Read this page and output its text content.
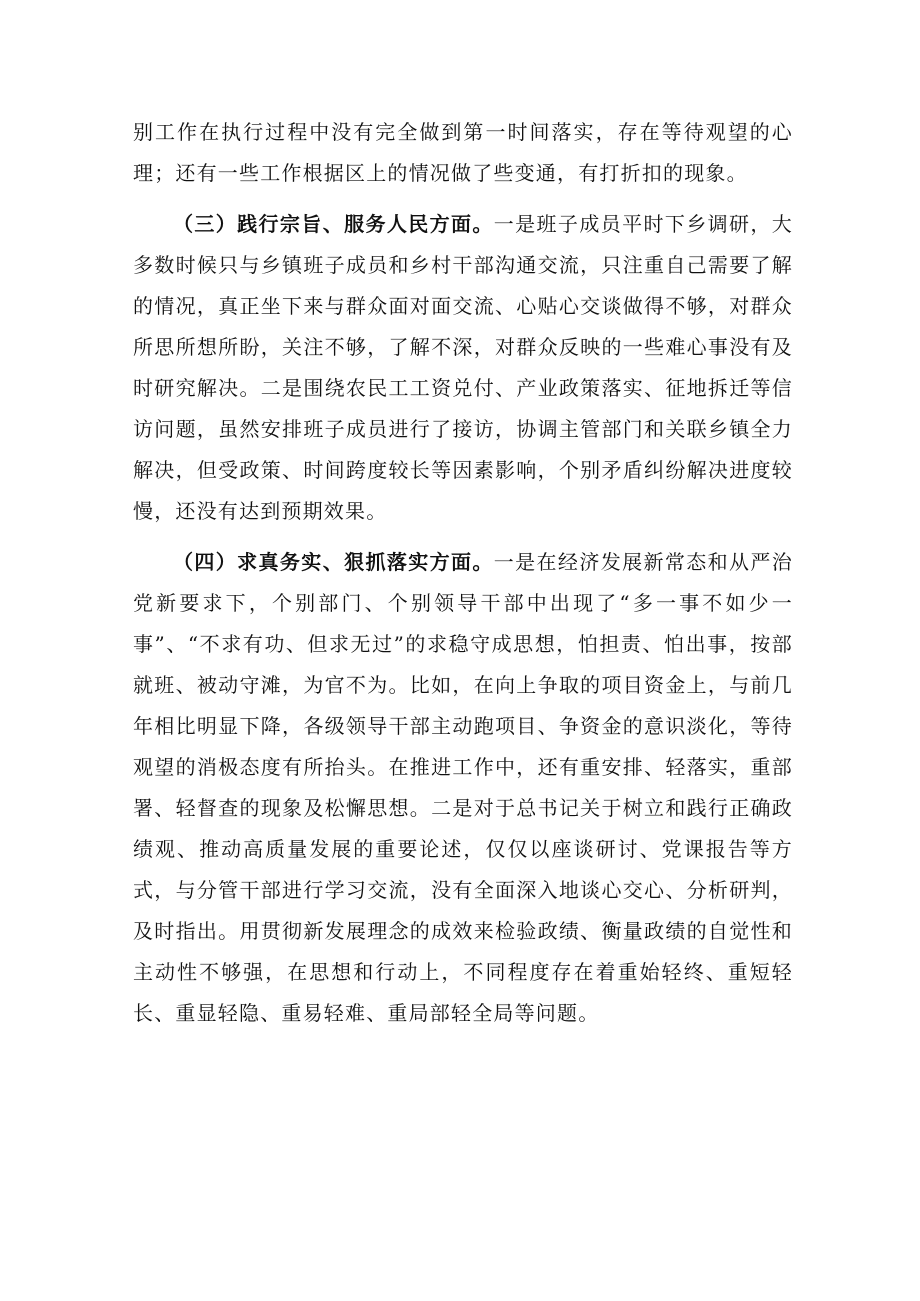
别工作在执行过程中没有完全做到第一时间落实，存在等待观望的心理；还有一些工作根据区上的情况做了些变通，有打折扣的现象。

（三）践行宗旨、服务人民方面。一是班子成员平时下乡调研，大多数时候只与乡镇班子成员和乡村干部沟通交流，只注重自己需要了解的情况，真正坐下来与群众面对面交流、心贴心交谈做得不够，对群众所思所想所盼，关注不够，了解不深，对群众反映的一些难心事没有及时研究解决。二是围绕农民工工资兑付、产业政策落实、征地拆迁等信访问题，虽然安排班子成员进行了接访，协调主管部门和关联乡镇全力解决，但受政策、时间跨度较长等因素影响，个别矛盾纠纷解决进度较慢，还没有达到预期效果。

（四）求真务实、狠抓落实方面。一是在经济发展新常态和从严治党新要求下，个别部门、个别领导干部中出现了“多一事不如少一事”、“不求有功、但求无过”的求稳守成思想，怕担责、怕出事，按部就班、被动守滩，为官不为。比如，在向上争取的项目资金上，与前几年相比明显下降，各级领导干部主动跑项目、争资金的意识淡化，等待观望的消极态度有所抬头。在推进工作中，还有重安排、轻落实，重部署、轻督查的现象及松懈思想。二是对于总书记关于树立和践行正确政绩观、推动高质量发展的重要论述，仅仅以座谈研讨、党课报告等方式，与分管干部进行学习交流，没有全面深入地谈心交心、分析研判，及时指出。用贯彻新发展理念的成效来检验政绩、衡量政绩的自觉性和主动性不够强，在思想和行动上，不同程度存在着重始轻终、重短轻长、重显轻隐、重易轻难、重局部轻全局等问题。
